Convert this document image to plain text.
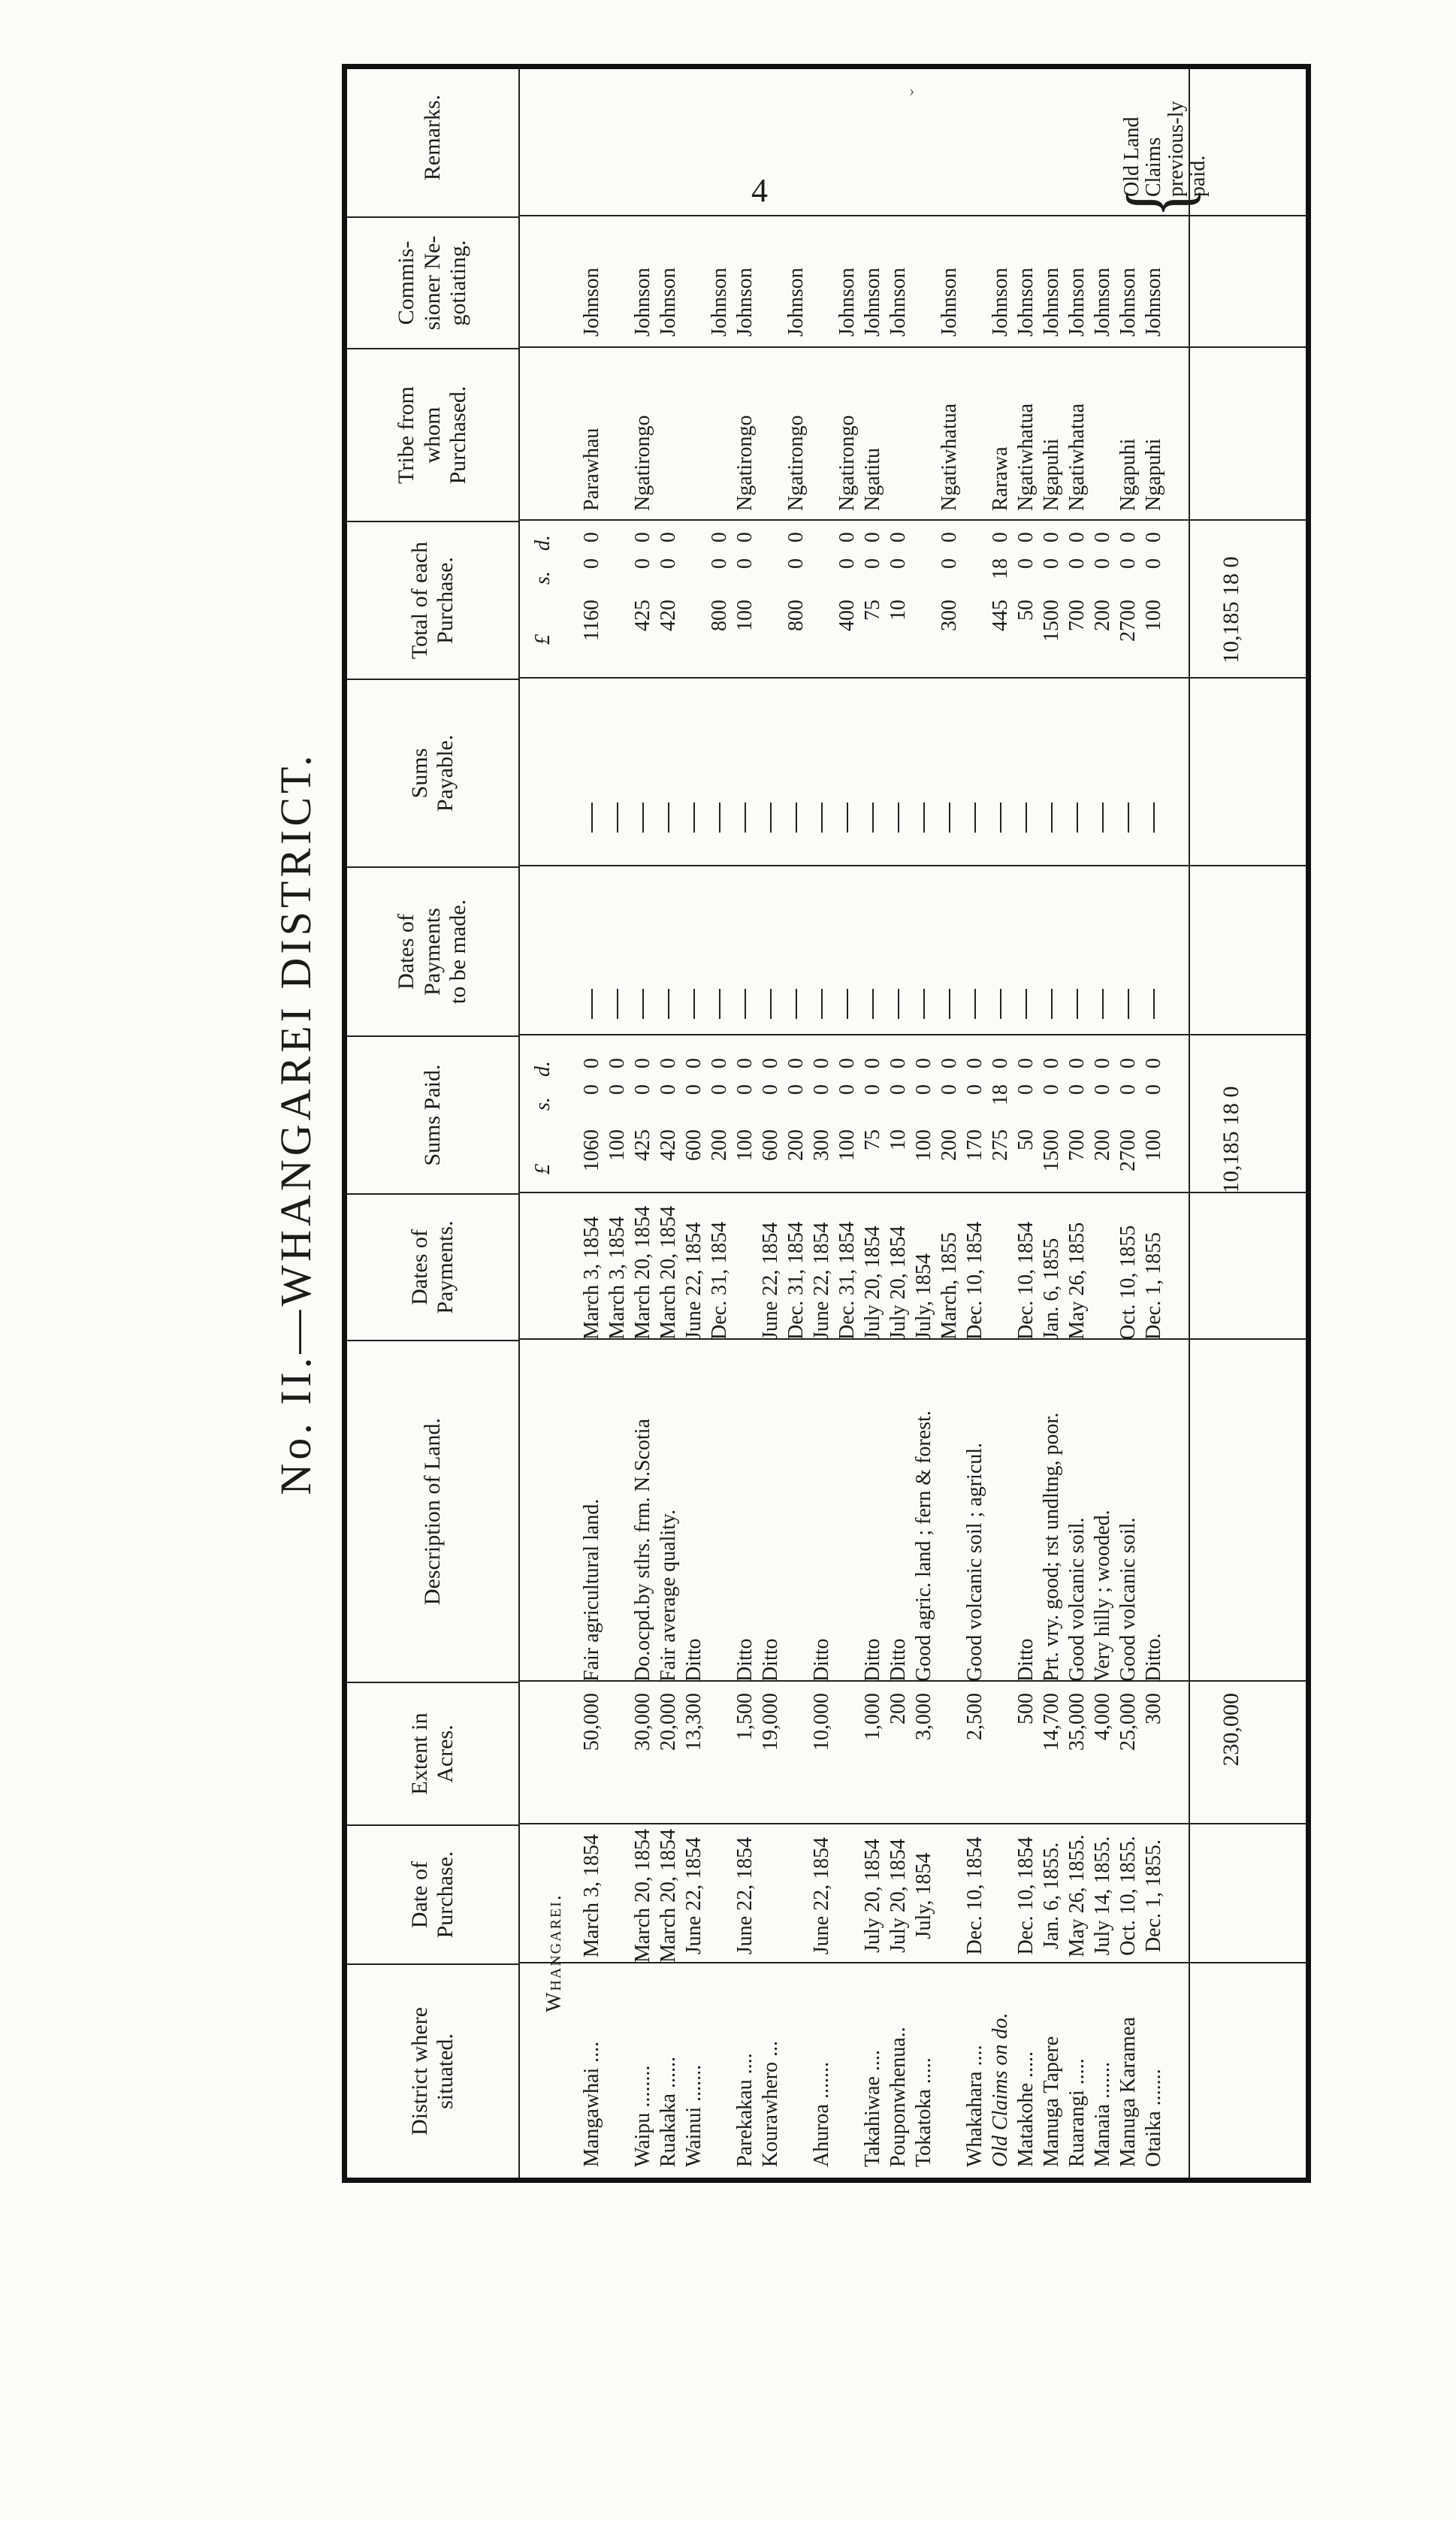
4
›
No. II.—WHANGAREI DISTRICT.
District where
situated.
Date of
Purchase.
Extent in
Acres.
Description of Land.
Dates of
Payments.
Sums Paid.
Dates of
Payments
to be made.
Sums
Payable.
Total of each
Purchase.
Tribe from
whom
Purchased.
Commis-
sioner Ne-
gotiating.
Remarks.
Whangarei.
£
s.
d.
£
s.
d.
Mangawhai ....
March 3, 1854
50,000
Fair agricultural land.
March 3, 1854
1060
0
0
1160
0
0
Parawhau
Johnson
March 3, 1854
100
0
0
Waipu ........
March 20, 1854
30,000
Do.ocpd.by stlrs. frm. N.Scotia
March 20, 1854
425
0
0
425
0
0
Ngatirongo
Johnson
Ruakaka ......
March 20, 1854
20,000
Fair average quality.
March 20, 1854
420
0
0
420
0
0
Johnson
Wainui .......
June 22, 1854
13,300
Ditto
June 22, 1854
600
0
0
Dec. 31, 1854
200
0
0
800
0
0
Johnson
Parekakau ....
June 22, 1854
1,500
Ditto
100
0
0
100
0
0
Ngatirongo
Johnson
Kourawhero ...
19,000
Ditto
June 22, 1854
600
0
0
Dec. 31, 1854
200
0
0
800
0
0
Ngatirongo
Johnson
Ahuroa .......
June 22, 1854
10,000
Ditto
June 22, 1854
300
0
0
Dec. 31, 1854
100
0
0
400
0
0
Ngatirongo
Johnson
Takahiwae ....
July 20, 1854
1,000
Ditto
July 20, 1854
75
0
0
75
0
0
Ngatitu
Johnson
Pouponwhenua..
July 20, 1854
200
Ditto
July 20, 1854
10
0
0
10
0
0
Johnson
Tokatoka .....
July, 1854
3,000
Good agric. land ; fern & forest.
July, 1854
100
0
0
March, 1855
200
0
0
300
0
0
Ngatiwhatua
Johnson
Whakahara ....
Dec. 10, 1854
2,500
Good volcanic soil ; agricul.
Dec. 10, 1854
170
0
0
Old Claims on do.
275
18
0
445
18
0
Rarawa
Johnson
Matakohe .....
Dec. 10, 1854
500
Ditto
Dec. 10, 1854
50
0
0
50
0
0
Ngatiwhatua
Johnson
Manuga Tapere
Jan. 6, 1855.
14,700
Prt. vry. good; rst undltng, poor.
Jan. 6, 1855
1500
0
0
1500
0
0
Ngapuhi
Johnson
Ruarangi .....
May 26, 1855.
35,000
Good volcanic soil.
May 26, 1855
700
0
0
700
0
0
Ngatiwhatua
Johnson
Manaia .......
July 14, 1855.
4,000
Very hilly ; wooded.
200
0
0
200
0
0
Johnson
Manuga Karamea
Oct. 10, 1855.
25,000
Good volcanic soil.
Oct. 10, 1855
2700
0
0
2700
0
0
Ngapuhi
Johnson
Otaika .......
Dec. 1, 1855.
300
Ditto.
Dec. 1, 1855
100
0
0
100
0
0
Ngapuhi
Johnson
230,000
10,185 18 0
10,185 18 0
{
Old Land Claims previous-ly paid.
